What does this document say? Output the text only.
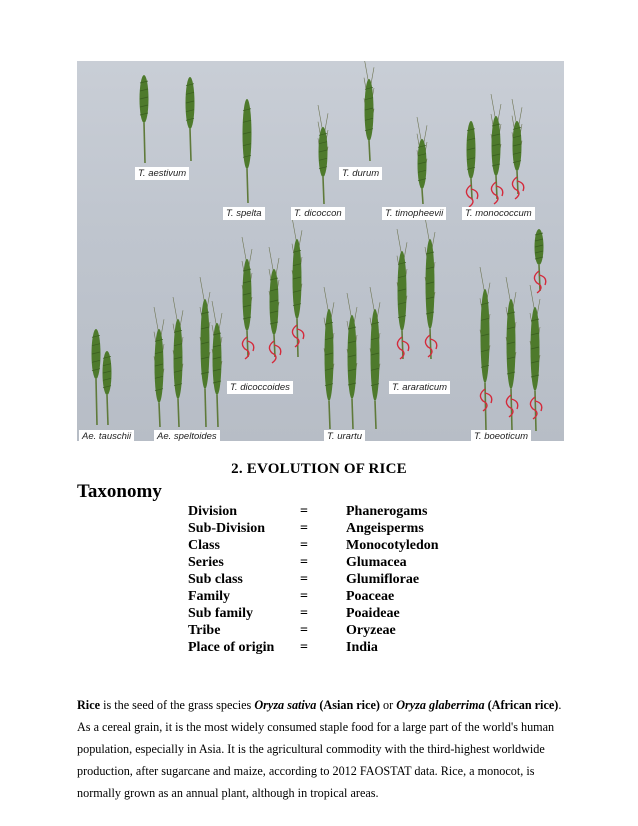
T. aestivum	T. durum
T. spelta	T. dicoccon	T. timopheevii	T. monococcum
T. dicoccoides	T. araraticum
Ae. tauschii	Ae. speltoides	T. urartu	T. boeoticum
2. EVOLUTION OF RICE
Taxonomy
Division	=	Phanerogams
Sub-Division =	Angeisperms
Class	=	Monocotyledon
Series	=	Glumacea
Sub class	=	Glumiflorae
Family	=	Poaceae
Sub family	=	Poaideae
Tribe	=	Oryzeae
Place of origin =	India

Rice is the seed of the grass species Oryza sativa (Asian rice) or Oryza glaberrima (African rice). As a cereal grain, it is the most widely consumed staple food for a large part of the world's human population, especially in Asia. It is the agricultural commodity with the third-highest worldwide production, after sugarcane and maize, according to 2012 FAOSTAT data. Rice, a monocot, is normally grown as an annual plant, although in tropical areas.
